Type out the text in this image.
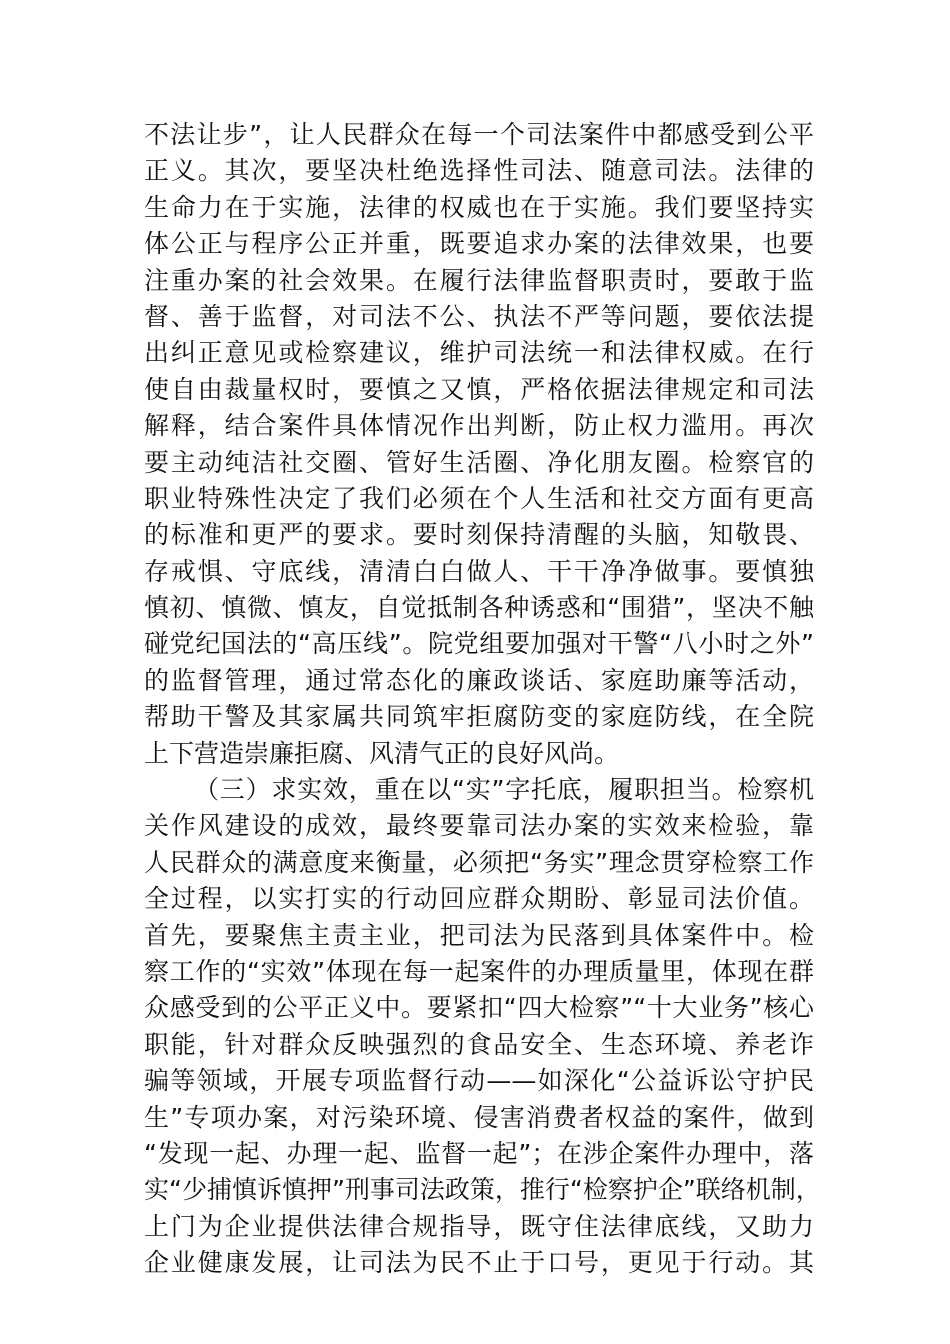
不法让步”，让人民群众在每一个司法案件中都感受到公平
正义。其次，要坚决杜绝选择性司法、随意司法。法律的
生命力在于实施，法律的权威也在于实施。我们要坚持实
体公正与程序公正并重，既要追求办案的法律效果，也要
注重办案的社会效果。在履行法律监督职责时，要敢于监
督、善于监督，对司法不公、执法不严等问题，要依法提
出纠正意见或检察建议，维护司法统一和法律权威。在行
使自由裁量权时，要慎之又慎，严格依据法律规定和司法
解释，结合案件具体情况作出判断，防止权力滥用。再次
要主动纯洁社交圈、管好生活圈、净化朋友圈。检察官的
职业特殊性决定了我们必须在个人生活和社交方面有更高
的标准和更严的要求。要时刻保持清醒的头脑，知敬畏、
存戒惧、守底线，清清白白做人、干干净净做事。要慎独
慎初、慎微、慎友，自觉抵制各种诱惑和“围猎”，坚决不触
碰党纪国法的“高压线”。院党组要加强对干警“八小时之外”
的监督管理，通过常态化的廉政谈话、家庭助廉等活动，
帮助干警及其家属共同筑牢拒腐防变的家庭防线，在全院
上下营造崇廉拒腐、风清气正的良好风尚。
（三）求实效，重在以“实”字托底，履职担当。检察机
关作风建设的成效，最终要靠司法办案的实效来检验，靠
人民群众的满意度来衡量，必须把“务实”理念贯穿检察工作
全过程，以实打实的行动回应群众期盼、彰显司法价值。
首先，要聚焦主责主业，把司法为民落到具体案件中。检
察工作的“实效”体现在每一起案件的办理质量里，体现在群
众感受到的公平正义中。要紧扣“四大检察”“十大业务”核心
职能，针对群众反映强烈的食品安全、生态环境、养老诈
骗等领域，开展专项监督行动——如深化“公益诉讼守护民
生”专项办案，对污染环境、侵害消费者权益的案件，做到
“发现一起、办理一起、监督一起”；在涉企案件办理中，落
实“少捕慎诉慎押”刑事司法政策，推行“检察护企”联络机制，
上门为企业提供法律合规指导，既守住法律底线，又助力
企业健康发展，让司法为民不止于口号，更见于行动。其
